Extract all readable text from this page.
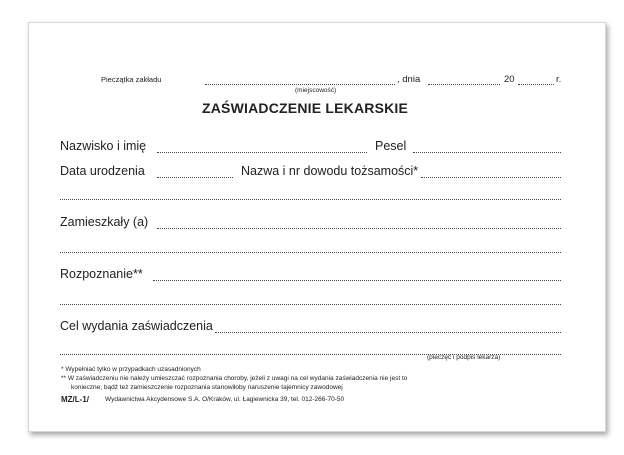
Pieczątka zakładu	, dnia	20	r.
(miejscowość)
ZAŚWIADCZENIE LEKARSKIE
Nazwisko i imię	Pesel
Data urodzenia	Nazwa i nr dowodu tożsamości*
Zamieszkały (a)
Rozpoznanie**
Cel wydania zaświadczenia
(pieczęć i podpis lekarza)
* Wypełniać tylko w przypadkach uzasadnionych
** W zaświadczeniu nie należy umieszczać rozpoznania choroby, jeżeli z uwagi na cel wydania zaświadczenia nie jest to
konieczne, bądź też zamieszczenie rozpoznania stanowiłoby naruszenie tajemnicy zawodowej
MZ/L-1/ Wydawnictwa Akcydensowe S.A. O/Kraków, ul. Łagiewnicka 39, tel. 012-266-70-50
